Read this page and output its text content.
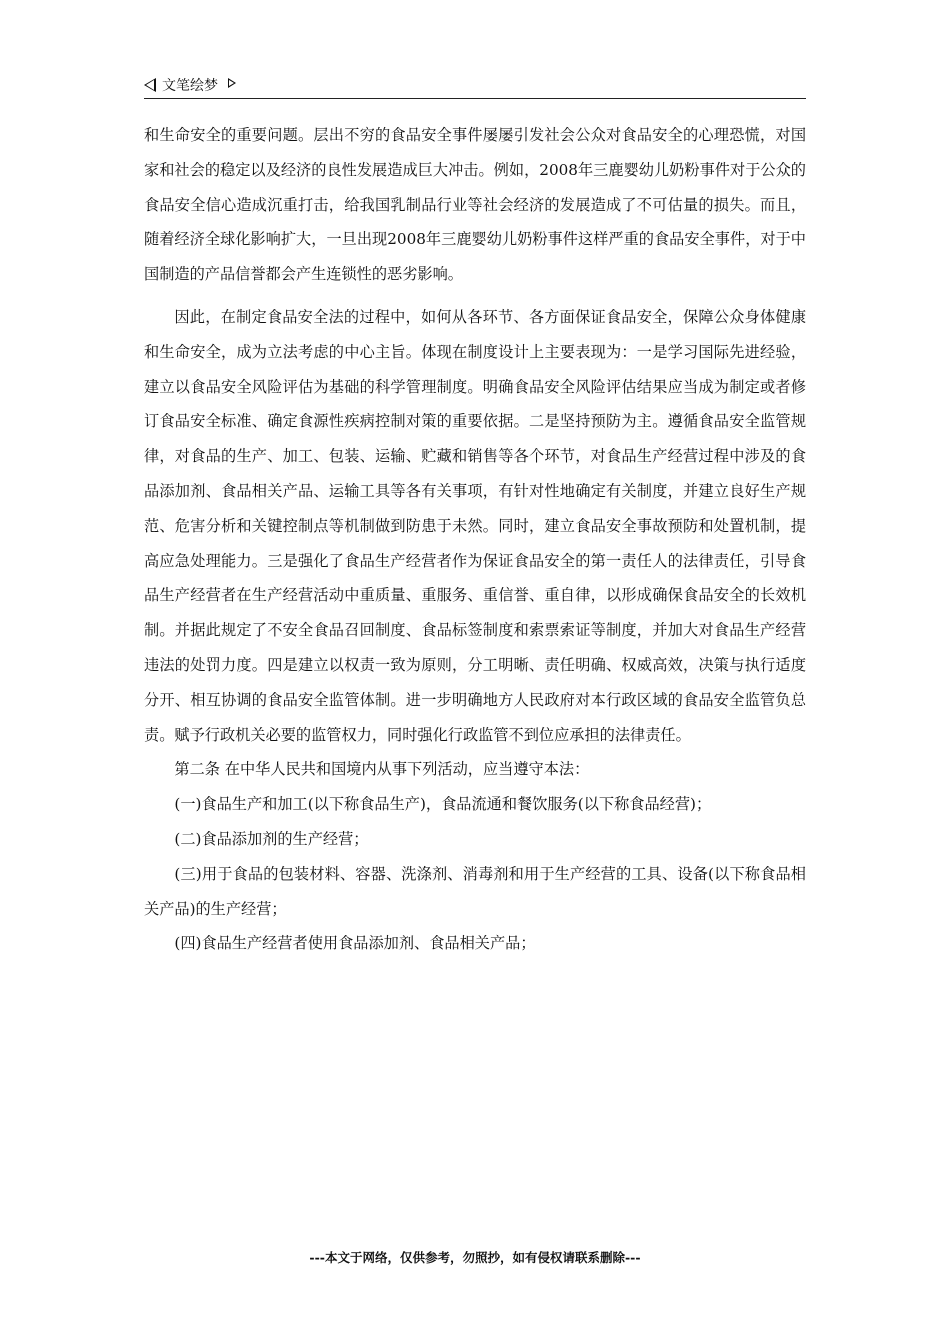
文笔绘梦

和生命安全的重要问题。层出不穷的食品安全事件屡屡引发社会公众对食品安全的心理恐慌，对国家和社会的稳定以及经济的良性发展造成巨大冲击。例如，2008年三鹿婴幼儿奶粉事件对于公众的食品安全信心造成沉重打击，给我国乳制品行业等社会经济的发展造成了不可估量的损失。而且，随着经济全球化影响扩大，一旦出现2008年三鹿婴幼儿奶粉事件这样严重的食品安全事件，对于中国制造的产品信誉都会产生连锁性的恶劣影响。

因此，在制定食品安全法的过程中，如何从各环节、各方面保证食品安全，保障公众身体健康和生命安全，成为立法考虑的中心主旨。体现在制度设计上主要表现为：一是学习国际先进经验，建立以食品安全风险评估为基础的科学管理制度。明确食品安全风险评估结果应当成为制定或者修订食品安全标准、确定食源性疾病控制对策的重要依据。二是坚持预防为主。遵循食品安全监管规律，对食品的生产、加工、包装、运输、贮藏和销售等各个环节，对食品生产经营过程中涉及的食品添加剂、食品相关产品、运输工具等各有关事项，有针对性地确定有关制度，并建立良好生产规范、危害分析和关键控制点等机制做到防患于未然。同时，建立食品安全事故预防和处置机制，提高应急处理能力。三是强化了食品生产经营者作为保证食品安全的第一责任人的法律责任，引导食品生产经营者在生产经营活动中重质量、重服务、重信誉、重自律，以形成确保食品安全的长效机制。并据此规定了不安全食品召回制度、食品标签制度和索票索证等制度，并加大对食品生产经营违法的处罚力度。四是建立以权责一致为原则，分工明晰、责任明确、权威高效，决策与执行适度分开、相互协调的食品安全监管体制。进一步明确地方人民政府对本行政区域的食品安全监管负总责。赋予行政机关必要的监管权力，同时强化行政监管不到位应承担的法律责任。

第二条 在中华人民共和国境内从事下列活动，应当遵守本法：

(一)食品生产和加工(以下称食品生产)，食品流通和餐饮服务(以下称食品经营)；

(二)食品添加剂的生产经营；

(三)用于食品的包装材料、容器、洗涤剂、消毒剂和用于生产经营的工具、设备(以下称食品相关产品)的生产经营；

(四)食品生产经营者使用食品添加剂、食品相关产品；

---本文于网络，仅供参考，勿照抄，如有侵权请联系删除---
